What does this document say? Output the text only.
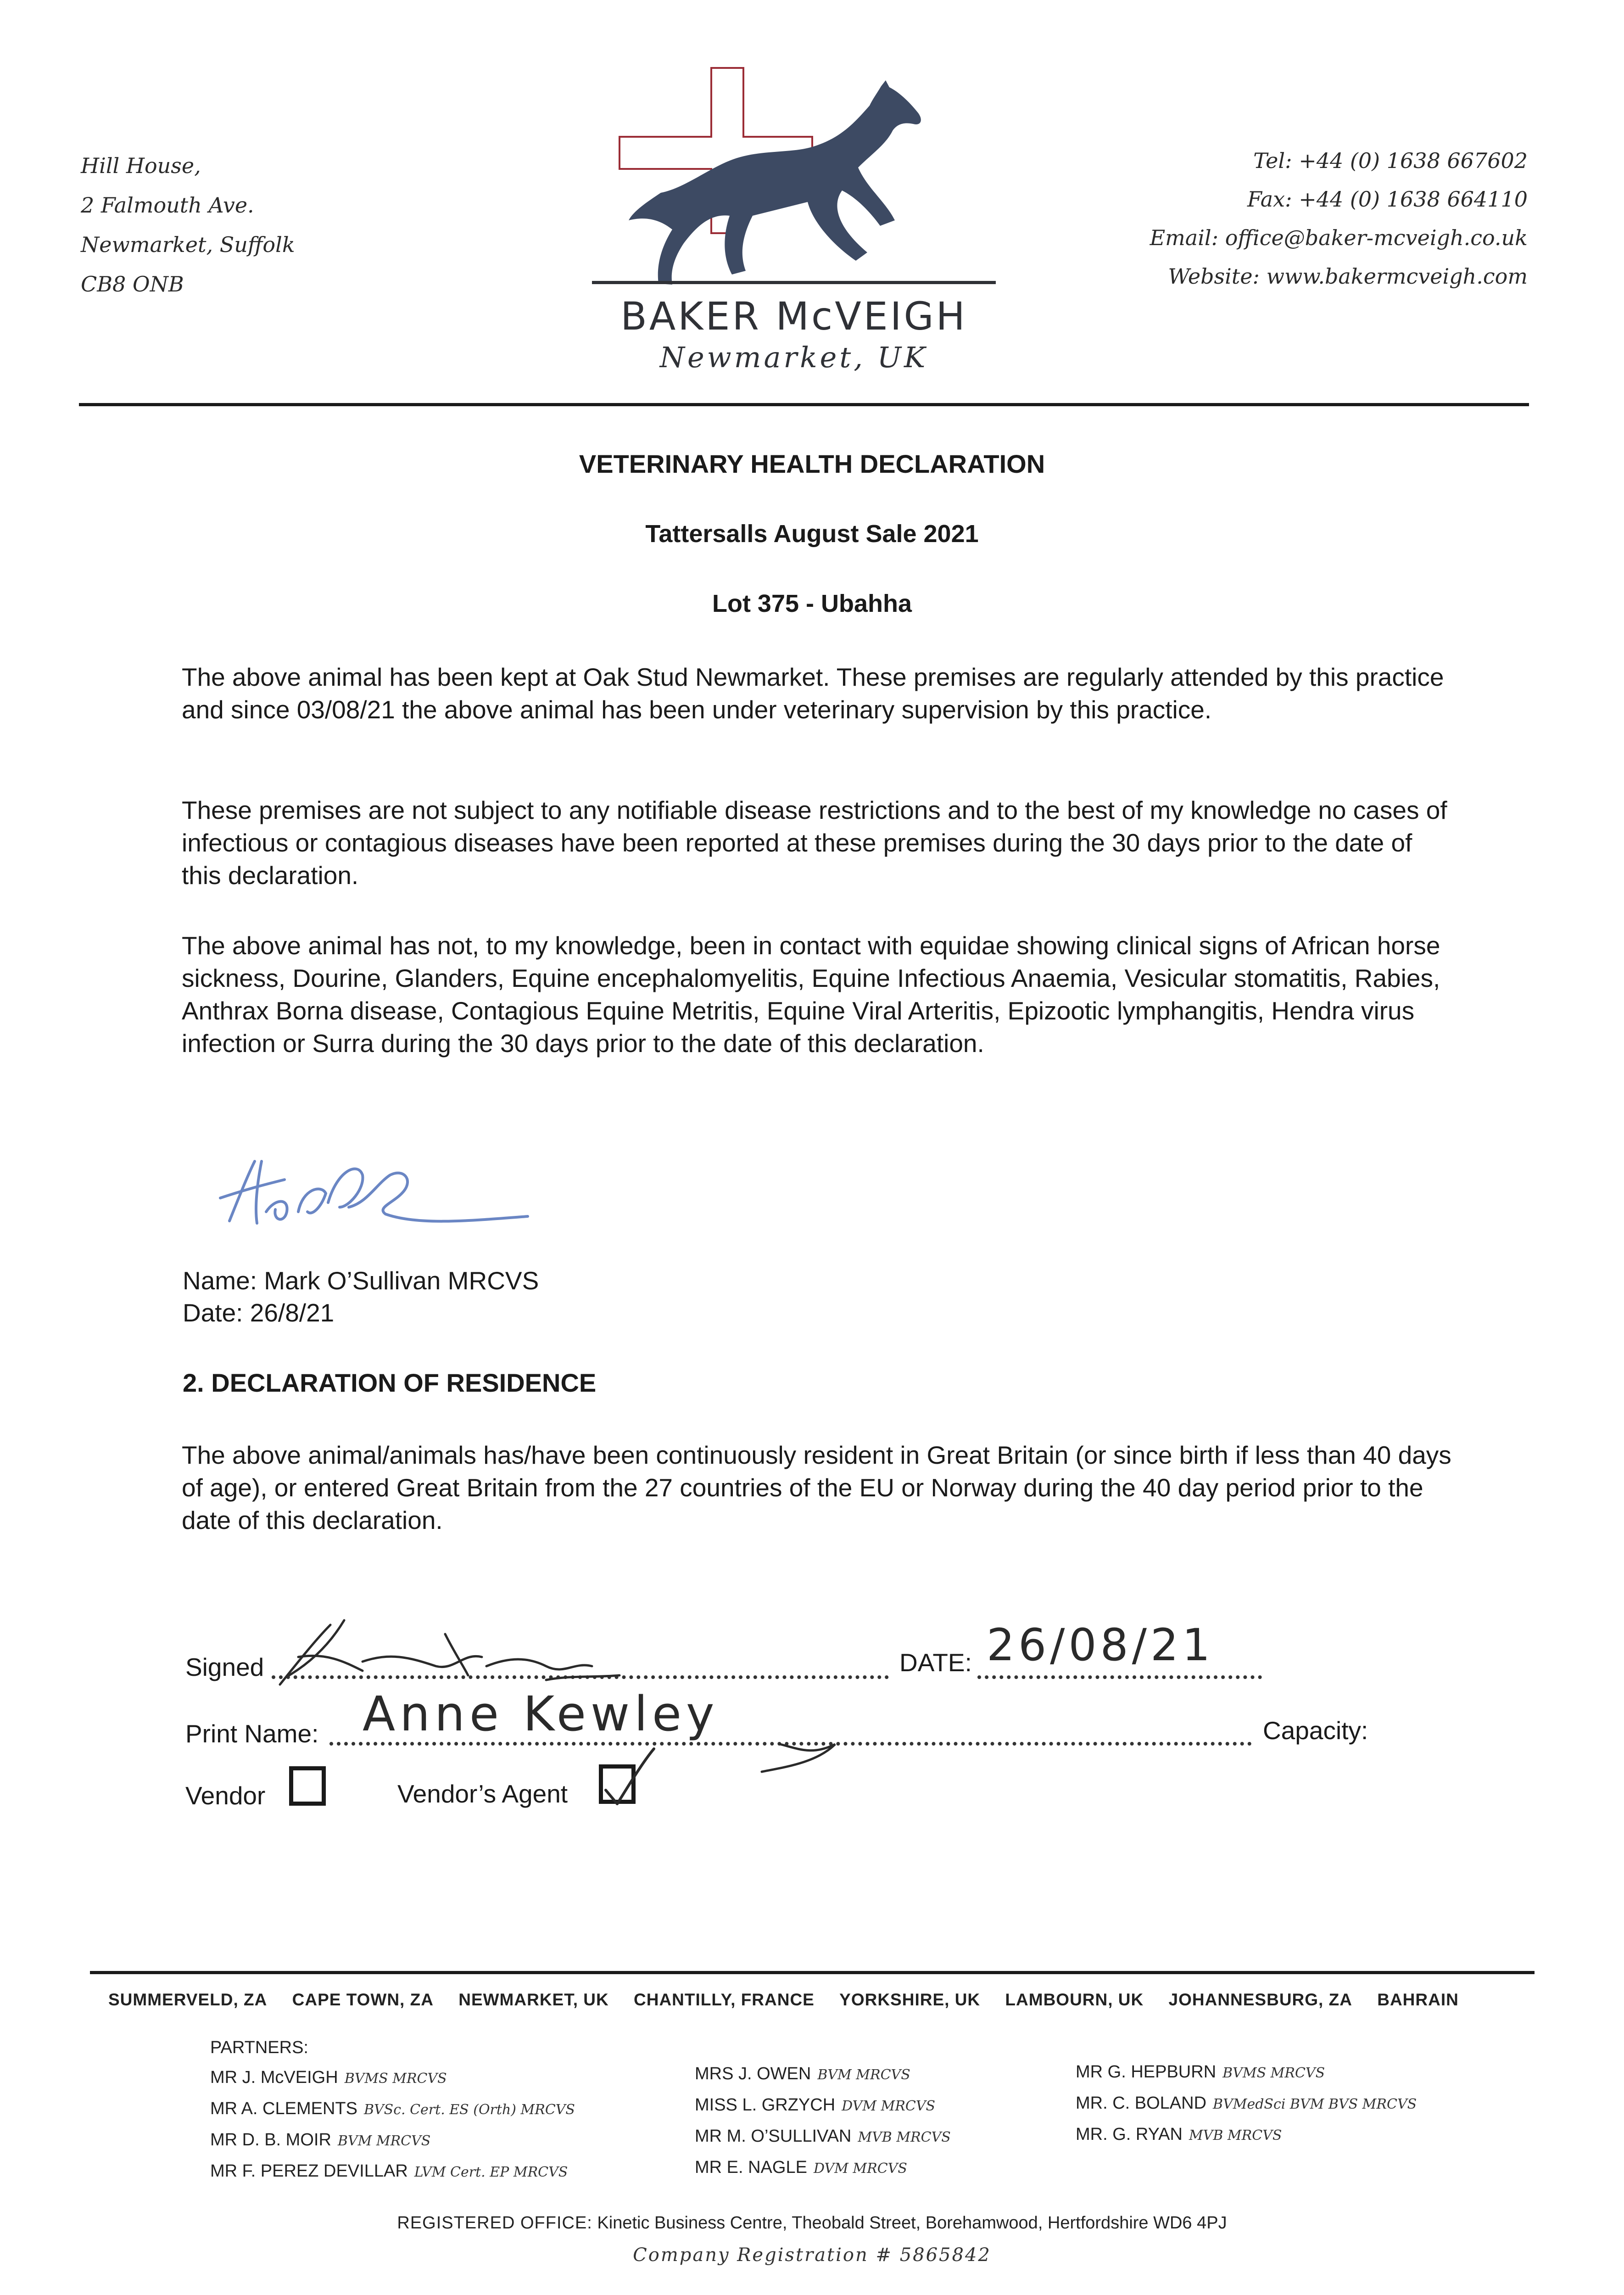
Hill House,
2 Falmouth Ave.
Newmarket, Suffolk
CB8 ONB
BAKER McVEIGH
Newmarket, UK
Tel: +44 (0) 1638 667602
Fax: +44 (0) 1638 664110
Email: office@baker-mcveigh.co.uk
Website: www.bakermcveigh.com
VETERINARY HEALTH DECLARATION
Tattersalls August Sale 2021
Lot 375 - Ubahha
The above animal has been kept at Oak Stud Newmarket. These premises are regularly attended by this practice and since 03/08/21 the above animal has been under veterinary supervision by this practice.
These premises are not subject to any notifiable disease restrictions and to the best of my knowledge no cases of infectious or contagious diseases have been reported at these premises during the 30 days prior to the date of this declaration.
The above animal has not, to my knowledge, been in contact with equidae showing clinical signs of African horse sickness, Dourine, Glanders, Equine encephalomyelitis, Equine Infectious Anaemia, Vesicular stomatitis, Rabies, Anthrax Borna disease, Contagious Equine Metritis, Equine Viral Arteritis, Epizootic lymphangitis, Hendra virus infection or Surra during the 30 days prior to the date of this declaration.
Name: Mark O’Sullivan MRCVS
Date: 26/8/21
2. DECLARATION OF RESIDENCE
The above animal/animals has/have been continuously resident in Great Britain (or since birth if less than 40 days of age), or entered Great Britain from the 27 countries of the EU or Norway during the 40 day period prior to the date of this declaration.
Signed	DATE: 26/08/21
Print Name: Anne Kewley	Capacity:
Vendor	Vendor’s Agent
SUMMERVELD, ZA CAPE TOWN, ZA NEWMARKET, UK CHANTILLY, FRANCE YORKSHIRE, UK LAMBOURN, UK JOHANNESBURG, ZA BAHRAIN
PARTNERS:
MR J. McVEIGH BVMS MRCVS
MR A. CLEMENTS BVSc. Cert. ES (Orth) MRCVS
MR D. B. MOIR BVM MRCVS
MR F. PEREZ DEVILLAR LVM Cert. EP MRCVS
MRS J. OWEN BVM MRCVS
MISS L. GRZYCH DVM MRCVS
MR M. O’SULLIVAN MVB MRCVS
MR E. NAGLE DVM MRCVS
MR G. HEPBURN BVMS MRCVS
MR. C. BOLAND BVMedSci BVM BVS MRCVS
MR. G. RYAN MVB MRCVS
REGISTERED OFFICE: Kinetic Business Centre, Theobald Street, Borehamwood, Hertfordshire WD6 4PJ
Company Registration # 5865842
